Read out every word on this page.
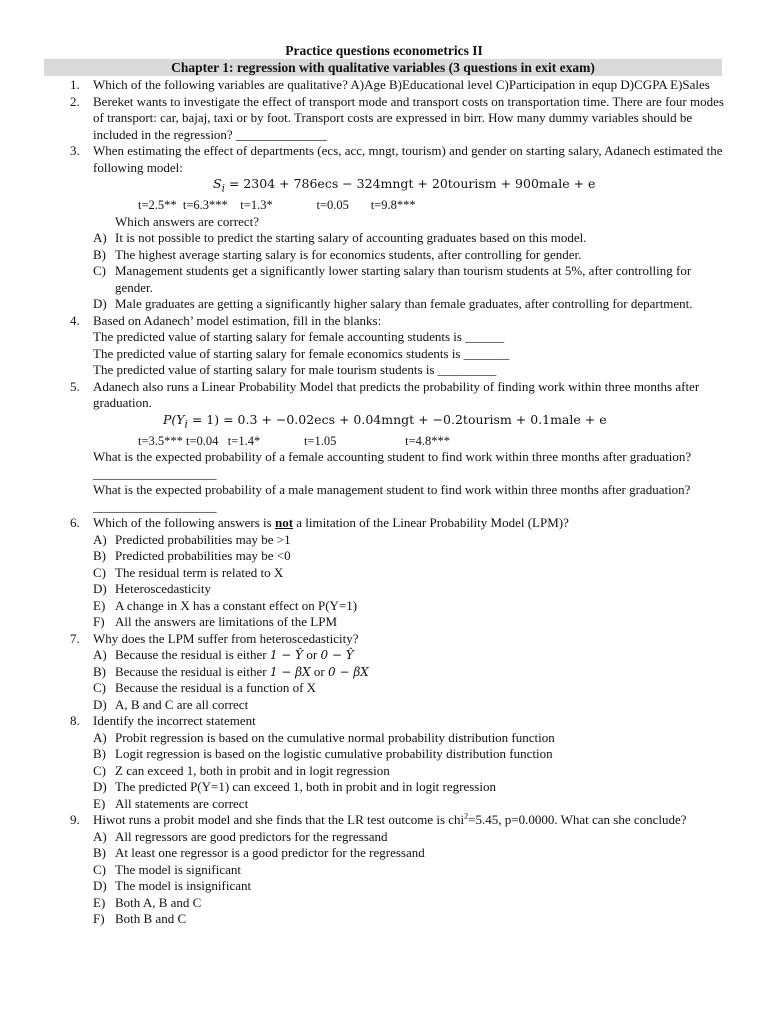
Practice questions econometrics II
Chapter 1: regression with qualitative variables (3 questions in exit exam)
1. Which of the following variables are qualitative? A)Age B)Educational level C)Participation in equp D)CGPA E)Sales
2. Bereket wants to investigate the effect of transport mode and transport costs on transportation time. There are four modes of transport: car, bajaj, taxi or by foot. Transport costs are expressed in birr. How many dummy variables should be included in the regression? ______________
3. When estimating the effect of departments (ecs, acc, mngt, tourism) and gender on starting salary, Adanech estimated the following model:
$S_i = 2304 + 786ecs$ − 324mngt + 20tourism + 900male + e
t=2.5**  t=6.3***    t=1.3*              t=0.05       t=9.8***
Which answers are correct?
A) It is not possible to predict the starting salary of accounting graduates based on this model.
B) The highest average starting salary is for economics students, after controlling for gender.
C) Management students get a significantly lower starting salary than tourism students at 5%, after controlling for gender.
D) Male graduates are getting a significantly higher salary than female graduates, after controlling for department.
4. Based on Adanech’ model estimation, fill in the blanks:
The predicted value of starting salary for female accounting students is ______
The predicted value of starting salary for female economics students is _______
The predicted value of starting salary for male tourism students is _________
5. Adanech also runs a Linear Probability Model that predicts the probability of finding work within three months after graduation.
$P(Y_i = 1) = 0.3 + -0.02ecs$ + 0.04mngt + −0.2tourism + 0.1male + e
t=3.5*** t=0.04   t=1.4*              t=1.05                      t=4.8***
What is the expected probability of a female accounting student to find work within three months after graduation?___________________
What is the expected probability of a male management student to find work within three months after graduation?___________________
6. Which of the following answers is not a limitation of the Linear Probability Model (LPM)?
A) Predicted probabilities may be >1
B) Predicted probabilities may be <0
C) The residual term is related to X
D) Heteroscedasticity
E) A change in X has a constant effect on P(Y=1)
F) All the answers are limitations of the LPM
7. Why does the LPM suffer from heteroscedasticity?
A) Because the residual is either 1 − Ŷ or 0 − Ŷ
B) Because the residual is either 1 − βX or 0 − βX
C) Because the residual is a function of X
D) A, B and C are all correct
8. Identify the incorrect statement
A) Probit regression is based on the cumulative normal probability distribution function
B) Logit regression is based on the logistic cumulative probability distribution function
C) Z can exceed 1, both in probit and in logit regression
D) The predicted P(Y=1) can exceed 1, both in probit and in logit regression
E) All statements are correct
9. Hiwot runs a probit model and she finds that the LR test outcome is chi$^2$=5.45, p=0.0000. What can she conclude?
A) All regressors are good predictors for the regressand
B) At least one regressor is a good predictor for the regressand
C) The model is significant
D) The model is insignificant
E) Both A, B and C
F) Both B and C
